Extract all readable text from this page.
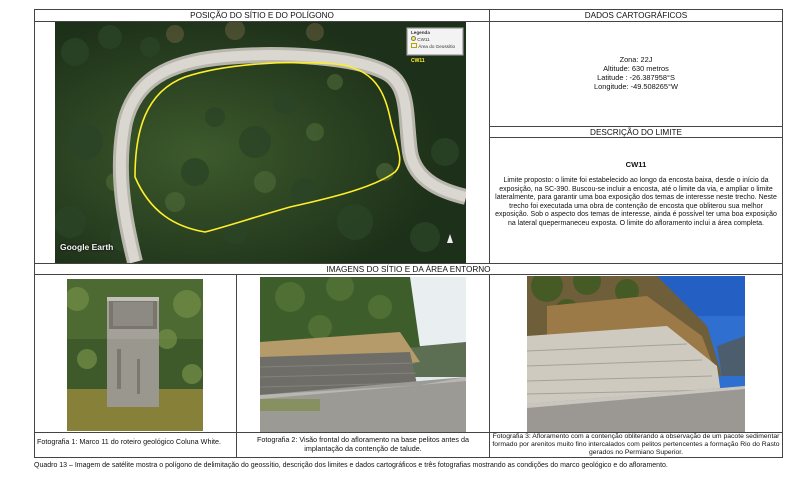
POSIÇÃO DO SÍTIO E DO POLÍGONO	DADOS CARTOGRÁFICOS
DESCRIÇÃO DO LIMITE
IMAGENS DO SÍTIO E DA ÁREA ENTORNO
Zona: 22J
Altitude: 630 metros
Latitude : -26.387958°S
Longitude: -49.508265°W
CW11
Limite proposto: o limite foi estabelecido ao longo da encosta baixa, desde o início da exposição, na SC-390. Buscou-se incluir a encosta, até o limite da via, e ampliar o limite lateralmente, para garantir uma boa exposição dos temas de interesse neste trecho. Neste trecho foi executada uma obra de contenção de encosta que obliterou sua melhor exposição. Sob o aspecto dos temas de interesse, ainda é possível ter uma boa exposição na lateral quepermaneceu exposta. O limite do afloramento inclui a área completa.
Legenda
CW11
Área do Geossítio
CW11
Google Earth
Fotografia 1: Marco 11 do roteiro geológico Coluna White.	Fotografia 2: Visão frontal do afloramento na base pelitos antes da implantação da contenção de talude.
Fotografia 3: Afloramento com a contenção obliterando a observação de um pacote sedimentar formado por arenitos muito fino intercalados com pelitos pertencentes a formação Rio do Rasto gerados no Permiano Superior.
Quadro 13 – Imagem de satélite mostra o polígono de delimitação do geossítio, descrição dos limites e dados cartográficos e três fotografias mostrando as condições do marco geológico e do afloramento.
